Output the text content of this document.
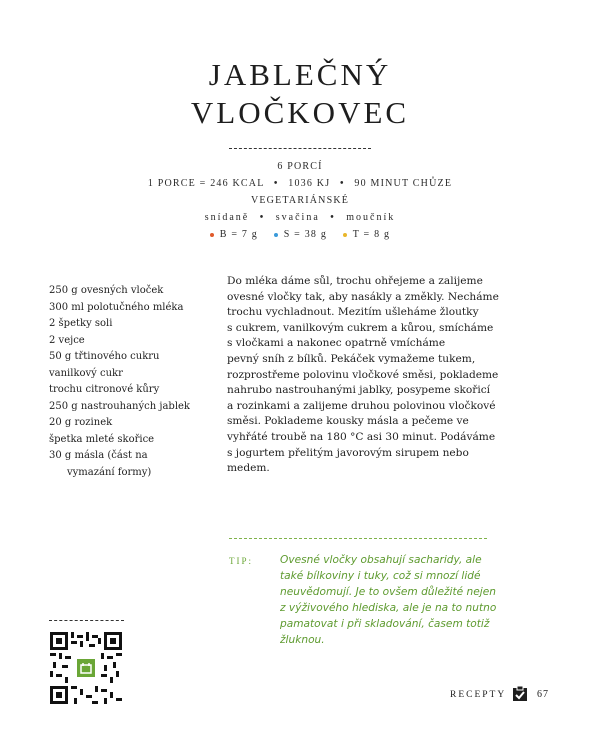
JABLEČNÝ
VLOČKOVEC
6 PORCÍ
1 PORCE = 246 KCAL • 1036 KJ • 90 MINUT CHŮZE
VEGETARIÁNSKÉ
snídaně • svačina • moučník
B = 7 g	S = 38 g	T = 8 g
250 g ovesných vloček
300 ml polotučného mléka
2 špetky soli
2 vejce
50 g třtinového cukru
vanilkový cukr
trochu citronové kůry
250 g nastrouhaných jablek
20 g rozinek
špetka mleté skořice
30 g másla (část na
vymazání formy)
Do mléka dáme sůl, trochu ohřejeme a zalijeme
ovesné vločky tak, aby nasákly a změkly. Necháme
trochu vychladnout. Mezitím ušleháme žloutky
s cukrem, vanilkovým cukrem a kůrou, smícháme
s vločkami a nakonec opatrně vmícháme
pevný sníh z bílků. Pekáček vymažeme tukem,
rozprostřeme polovinu vločkové směsi, poklademe
nahrubo nastrouhanými jablky, posypeme skořicí
a rozinkami a zalijeme druhou polovinou vločkové
směsi. Poklademe kousky másla a pečeme ve
vyhřáté troubě na 180 °C asi 30 minut. Podáváme
s jogurtem přelitým javorovým sirupem nebo
medem.
TIP:	Ovesné vločky obsahují sacharidy, ale
také bílkoviny i tuky, což si mnozí lidé
neuvědomují. Je to ovšem důležité nejen
z výživového hlediska, ale je na to nutno
pamatovat i při skladování, časem totiž
žluknou.
RECEPTY	67
